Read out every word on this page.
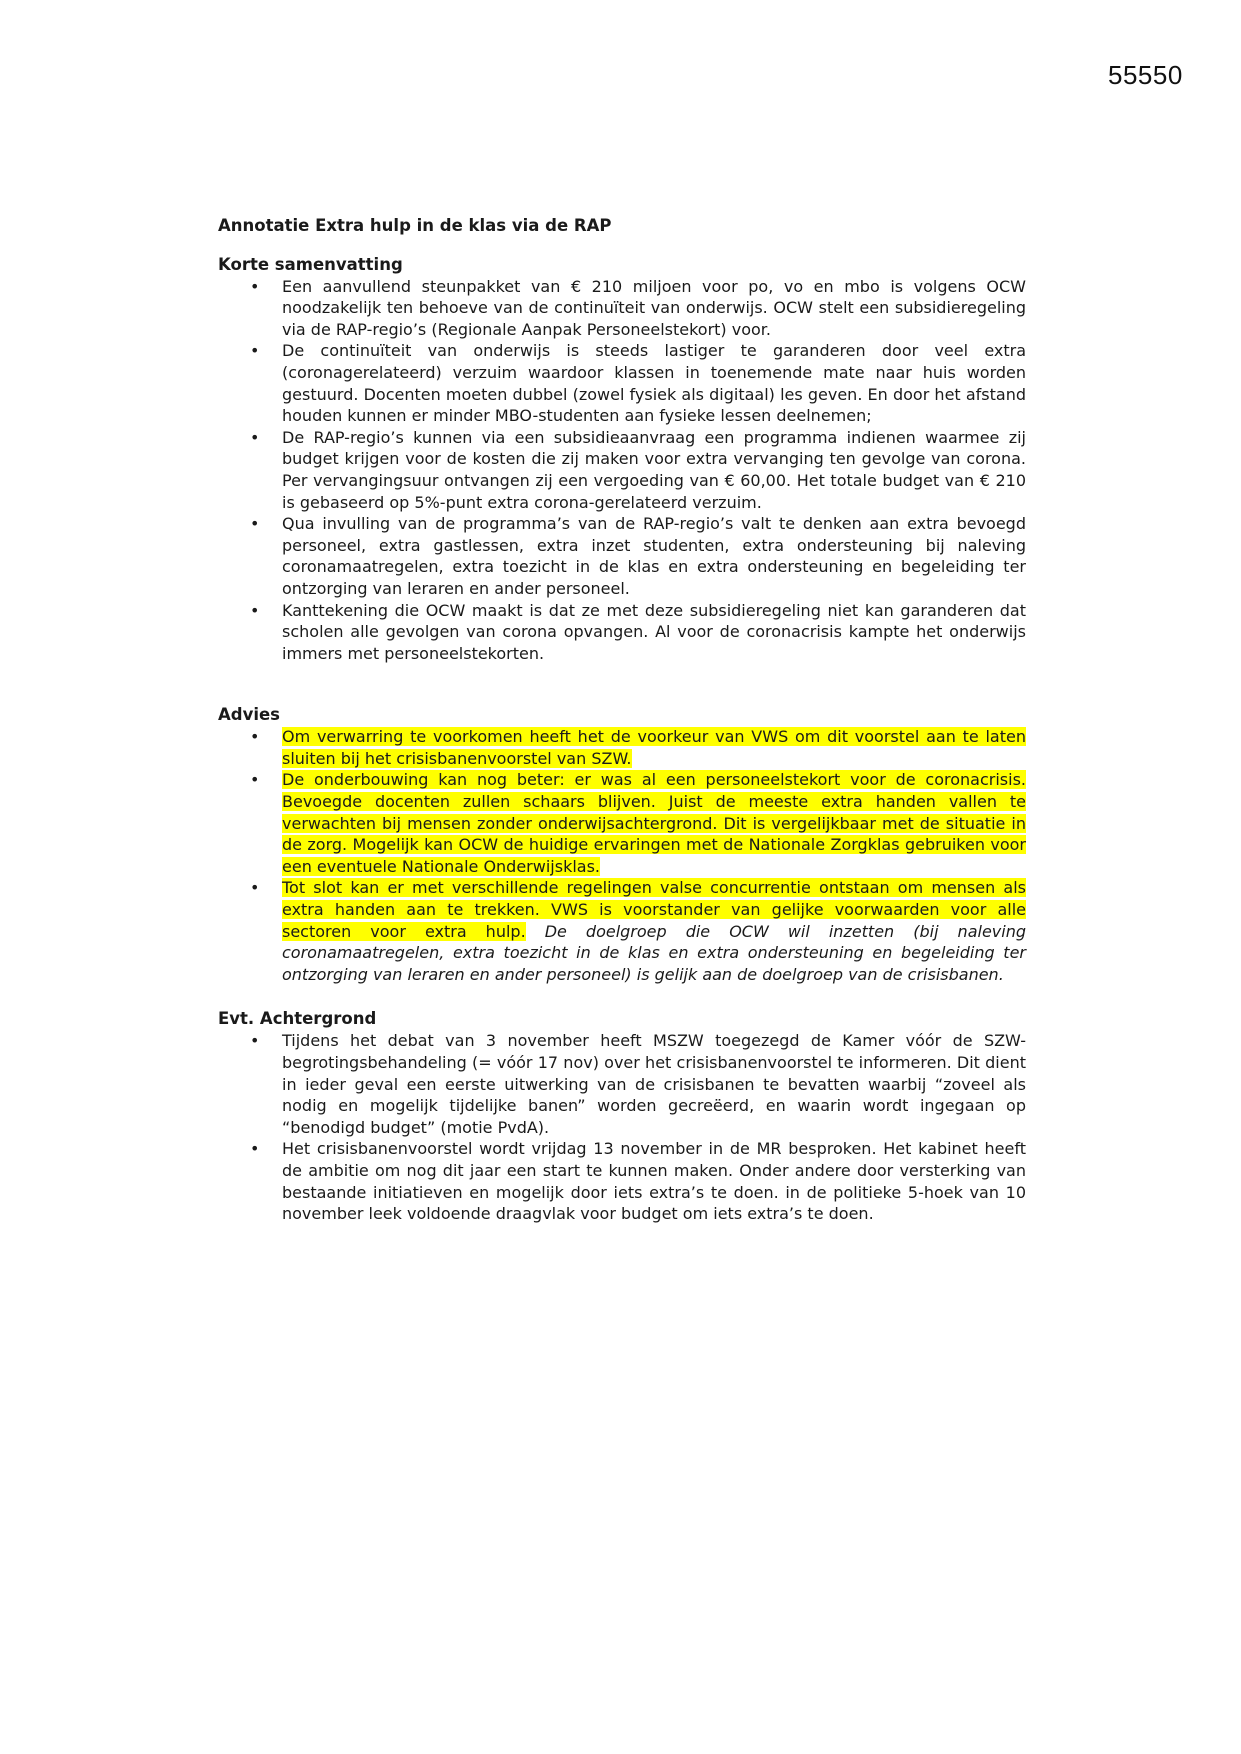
55550
Annotatie Extra hulp in de klas via de RAP
Korte samenvatting
• Een aanvullend steunpakket van € 210 miljoen voor po, vo en mbo is volgens OCW noodzakelijk ten behoeve van de continuïteit van onderwijs. OCW stelt een subsidieregeling via de RAP-regio’s (Regionale Aanpak Personeelstekort) voor.
• De continuïteit van onderwijs is steeds lastiger te garanderen door veel extra (coronagerelateerd) verzuim waardoor klassen in toenemende mate naar huis worden gestuurd. Docenten moeten dubbel (zowel fysiek als digitaal) les geven. En door het afstand houden kunnen er minder MBO-studenten aan fysieke lessen deelnemen;
• De RAP-regio’s kunnen via een subsidieaanvraag een programma indienen waarmee zij budget krijgen voor de kosten die zij maken voor extra vervanging ten gevolge van corona. Per vervangingsuur ontvangen zij een vergoeding van € 60,00. Het totale budget van € 210 is gebaseerd op 5%-punt extra corona-gerelateerd verzuim.
• Qua invulling van de programma’s van de RAP-regio’s valt te denken aan extra bevoegd personeel, extra gastlessen, extra inzet studenten, extra ondersteuning bij naleving coronamaatregelen, extra toezicht in de klas en extra ondersteuning en begeleiding ter ontzorging van leraren en ander personeel.
• Kanttekening die OCW maakt is dat ze met deze subsidieregeling niet kan garanderen dat scholen alle gevolgen van corona opvangen. Al voor de coronacrisis kampte het onderwijs immers met personeelstekorten.
Advies
• Om verwarring te voorkomen heeft het de voorkeur van VWS om dit voorstel aan te laten sluiten bij het crisisbanenvoorstel van SZW.
• De onderbouwing kan nog beter: er was al een personeelstekort voor de coronacrisis. Bevoegde docenten zullen schaars blijven. Juist de meeste extra handen vallen te verwachten bij mensen zonder onderwijsachtergrond. Dit is vergelijkbaar met de situatie in de zorg. Mogelijk kan OCW de huidige ervaringen met de Nationale Zorgklas gebruiken voor een eventuele Nationale Onderwijsklas.
• Tot slot kan er met verschillende regelingen valse concurrentie ontstaan om mensen als extra handen aan te trekken. VWS is voorstander van gelijke voorwaarden voor alle sectoren voor extra hulp. De doelgroep die OCW wil inzetten (bij naleving coronamaatregelen, extra toezicht in de klas en extra ondersteuning en begeleiding ter ontzorging van leraren en ander personeel) is gelijk aan de doelgroep van de crisisbanen.
Evt. Achtergrond
• Tijdens het debat van 3 november heeft MSZW toegezegd de Kamer vóór de SZW-begrotingsbehandeling (= vóór 17 nov) over het crisisbanenvoorstel te informeren. Dit dient in ieder geval een eerste uitwerking van de crisisbanen te bevatten waarbij “zoveel als nodig en mogelijk tijdelijke banen” worden gecreëerd, en waarin wordt ingegaan op “benodigd budget” (motie PvdA).
• Het crisisbanenvoorstel wordt vrijdag 13 november in de MR besproken. Het kabinet heeft de ambitie om nog dit jaar een start te kunnen maken. Onder andere door versterking van bestaande initiatieven en mogelijk door iets extra’s te doen. in de politieke 5-hoek van 10 november leek voldoende draagvlak voor budget om iets extra’s te doen.
